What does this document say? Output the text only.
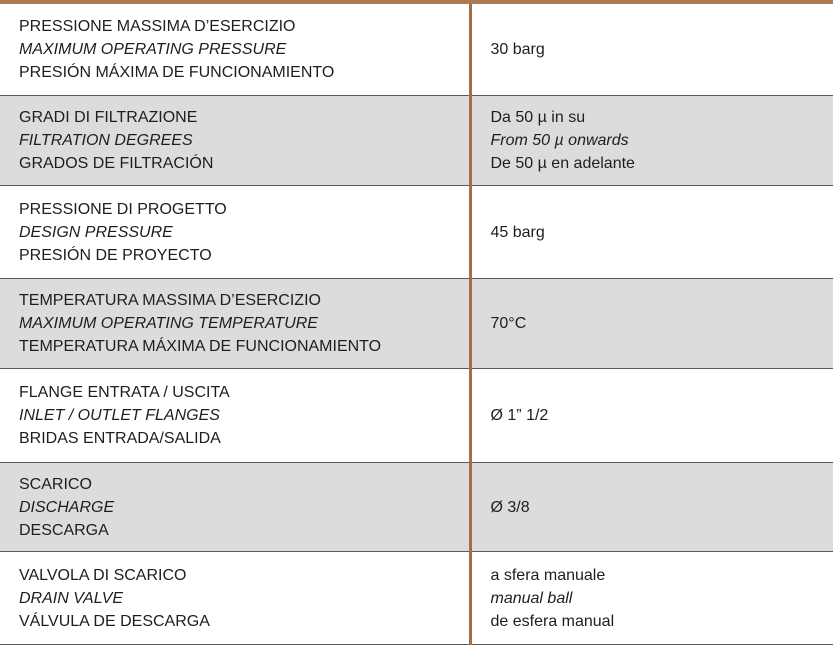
PRESSIONE MASSIMA D’ESERCIZIO
MAXIMUM OPERATING PRESSURE
PRESIÓN MÁXIMA DE FUNCIONAMIENTO	30 barg

GRADI DI FILTRAZIONE
FILTRATION DEGREES
GRADOS DE FILTRACIÓN	Da 50 µ in su
From 50 µ onwards
De 50 µ en adelante

PRESSIONE DI PROGETTO
DESIGN PRESSURE
PRESIÓN DE PROYECTO	45 barg

TEMPERATURA MASSIMA D’ESERCIZIO
MAXIMUM OPERATING TEMPERATURE
TEMPERATURA MÁXIMA DE FUNCIONAMIENTO	70°C

FLANGE ENTRATA / USCITA
INLET / OUTLET FLANGES
BRIDAS ENTRADA/SALIDA	Ø 1” 1/2

SCARICO
DISCHARGE
DESCARGA	Ø 3/8

VALVOLA DI SCARICO
DRAIN VALVE
VÁLVULA DE DESCARGA	a sfera manuale
manual ball
de esfera manual
